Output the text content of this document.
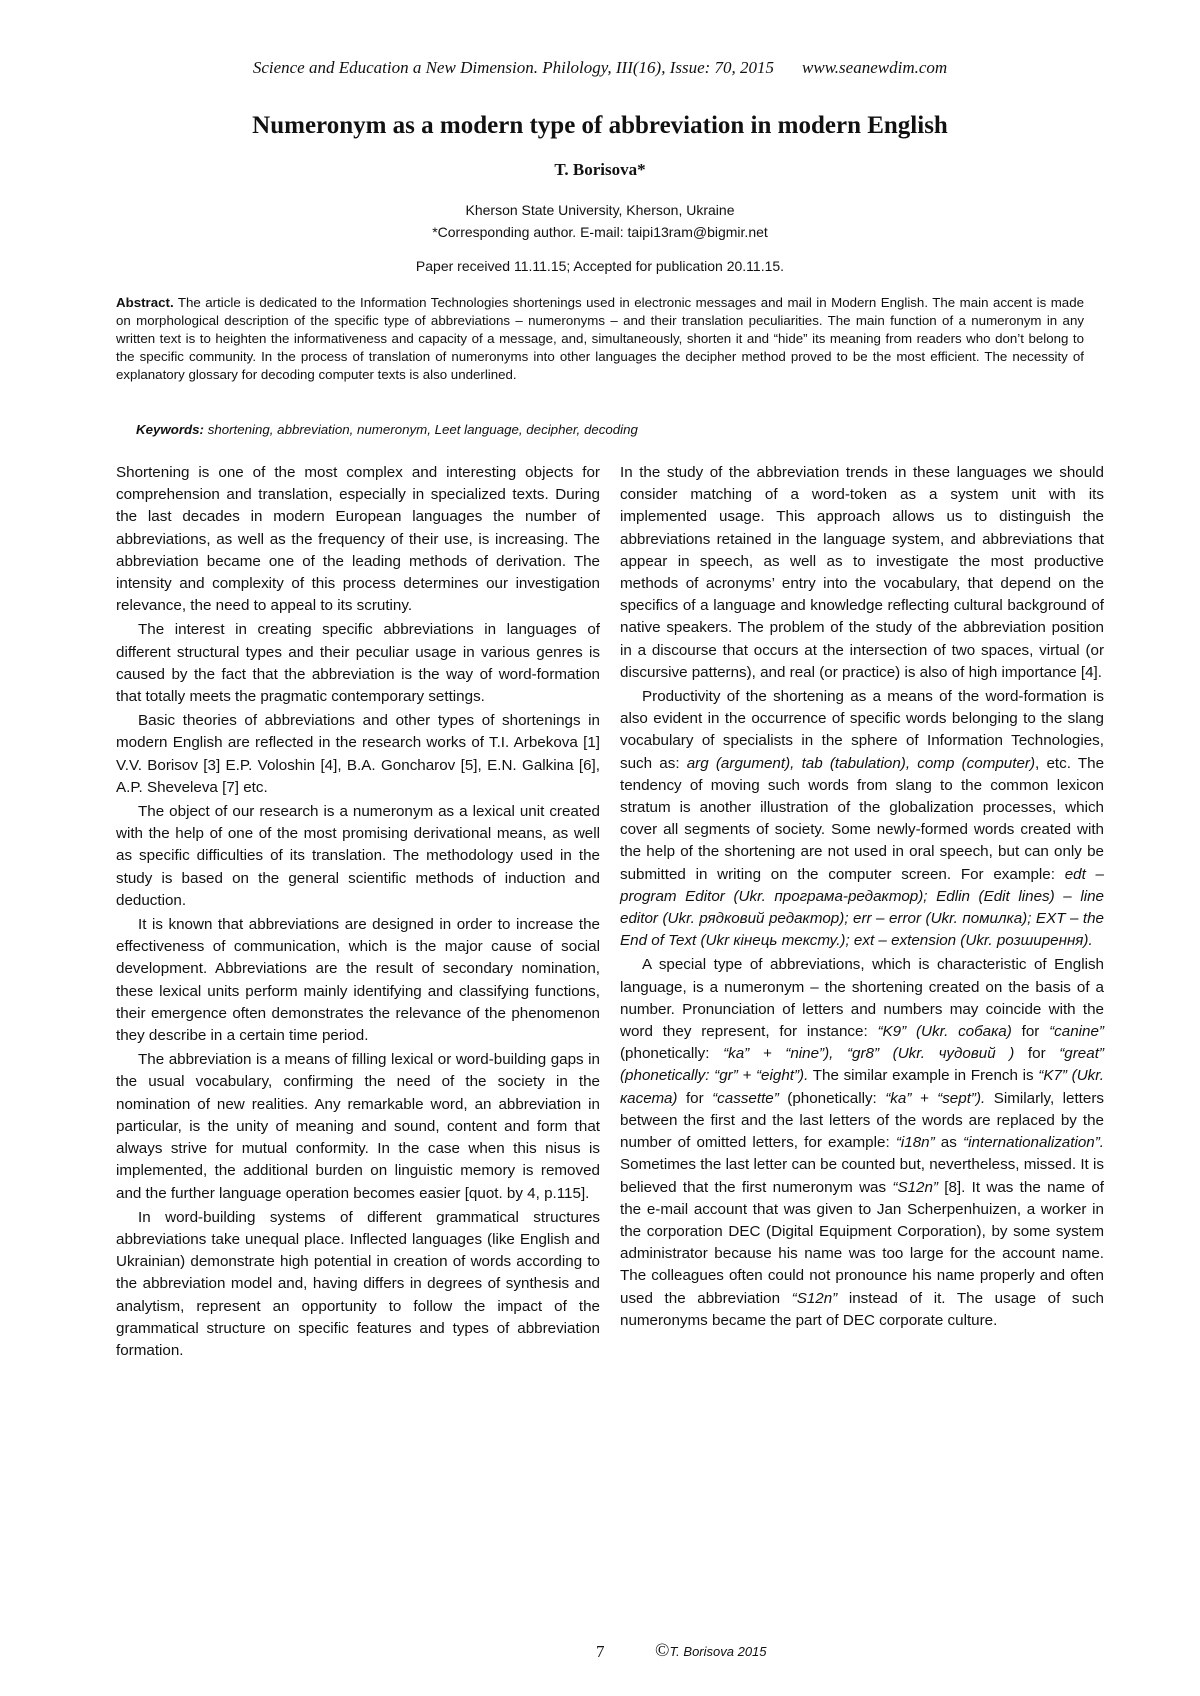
Science and Education a New Dimension. Philology, III(16), Issue: 70, 2015 www.seanewdim.com
Numeronym as a modern type of abbreviation in modern English
T. Borisova*
Kherson State University, Kherson, Ukraine
*Corresponding author. E-mail: taipi13ram@bigmir.net
Paper received 11.11.15; Accepted for publication 20.11.15.
Abstract. The article is dedicated to the Information Technologies shortenings used in electronic messages and mail in Modern English. The main accent is made on morphological description of the specific type of abbreviations – numeronyms – and their translation peculiarities. The main function of a numeronym in any written text is to heighten the informativeness and capacity of a message, and, simultaneously, shorten it and “hide” its meaning from readers who don’t belong to the specific community. In the process of translation of numeronyms into other languages the decipher method proved to be the most efficient. The necessity of explanatory glossary for decoding computer texts is also underlined.
Keywords: shortening, abbreviation, numeronym, Leet language, decipher, decoding

Shortening is one of the most complex and interesting objects for comprehension and translation, especially in specialized texts. During the last decades in modern European languages the number of abbreviations, as well as the frequency of their use, is increasing. The abbreviation became one of the leading methods of derivation. The intensity and complexity of this process determines our investigation relevance, the need to appeal to its scrutiny.

The interest in creating specific abbreviations in languages of different structural types and their peculiar usage in various genres is caused by the fact that the abbreviation is the way of word-formation that totally meets the pragmatic contemporary settings.

Basic theories of abbreviations and other types of shortenings in modern English are reflected in the research works of T.I. Arbekova [1] V.V. Borisov [3] E.P. Voloshin [4], B.A. Goncharov [5], E.N. Galkina [6], A.P. Sheveleva [7] etc.

The object of our research is a numeronym as a lexical unit created with the help of one of the most promising derivational means, as well as specific difficulties of its translation. The methodology used in the study is based on the general scientific methods of induction and deduction.

It is known that abbreviations are designed in order to increase the effectiveness of communication, which is the major cause of social development. Abbreviations are the result of secondary nomination, these lexical units perform mainly identifying and classifying functions, their emergence often demonstrates the relevance of the phenomenon they describe in a certain time period.

The abbreviation is a means of filling lexical or word-building gaps in the usual vocabulary, confirming the need of the society in the nomination of new realities. Any remarkable word, an abbreviation in particular, is the unity of meaning and sound, content and form that always strive for mutual conformity. In the case when this nisus is implemented, the additional burden on linguistic memory is removed and the further language operation becomes easier [quot. by 4, p.115].

In word-building systems of different grammatical structures abbreviations take unequal place. Inflected languages (like English and Ukrainian) demonstrate high potential in creation of words according to the abbreviation model and, having differs in degrees of synthesis and analytism, represent an opportunity to follow the impact of the grammatical structure on specific features and types of abbreviation formation.

In the study of the abbreviation trends in these languages we should consider matching of a word-token as a system unit with its implemented usage. This approach allows us to distinguish the abbreviations retained in the language system, and abbreviations that appear in speech, as well as to investigate the most productive methods of acronyms’ entry into the vocabulary, that depend on the specifics of a language and knowledge reflecting cultural background of native speakers. The problem of the study of the abbreviation position in a discourse that occurs at the intersection of two spaces, virtual (or discursive patterns), and real (or practice) is also of high importance [4].

Productivity of the shortening as a means of the word-formation is also evident in the occurrence of specific words belonging to the slang vocabulary of specialists in the sphere of Information Technologies, such as: arg (argument), tab (tabulation), comp (computer), etc. The tendency of moving such words from slang to the common lexicon stratum is another illustration of the globalization processes, which cover all segments of society. Some newly-formed words created with the help of the shortening are not used in oral speech, but can only be submitted in writing on the computer screen. For example: edt – program Editor (Ukr. програма-редактор); Edlin (Edit lines) – line editor (Ukr. рядковий редактор); err – error (Ukr. помилка); EXT – the End of Text (Ukr кінець тексту.); ext – extension (Ukr. розширення).

A special type of abbreviations, which is characteristic of English language, is a numeronym – the shortening created on the basis of a number. Pronunciation of letters and numbers may coincide with the word they represent, for instance: “K9” (Ukr. собака) for “canine” (phonetically: “ka” + “nine”), “gr8” (Ukr. чудовий ) for “great” (phonetically: “gr” + “eight”). The similar example in French is “K7” (Ukr. касета) for “cassette” (phonetically: “ka” + “sept”). Similarly, letters between the first and the last letters of the words are replaced by the number of omitted letters, for example: “i18n” as “internationalization”. Sometimes the last letter can be counted but, nevertheless, missed. It is believed that the first numeronym was “S12n” [8]. It was the name of the e-mail account that was given to Jan Scherpenhuizen, a worker in the corporation DEC (Digital Equipment Corporation), by some system administrator because his name was too large for the account name. The colleagues often could not pronounce his name properly and often used the abbreviation “S12n” instead of it. The usage of such numeronyms became the part of DEC corporate culture.

7	©T. Borisova 2015
